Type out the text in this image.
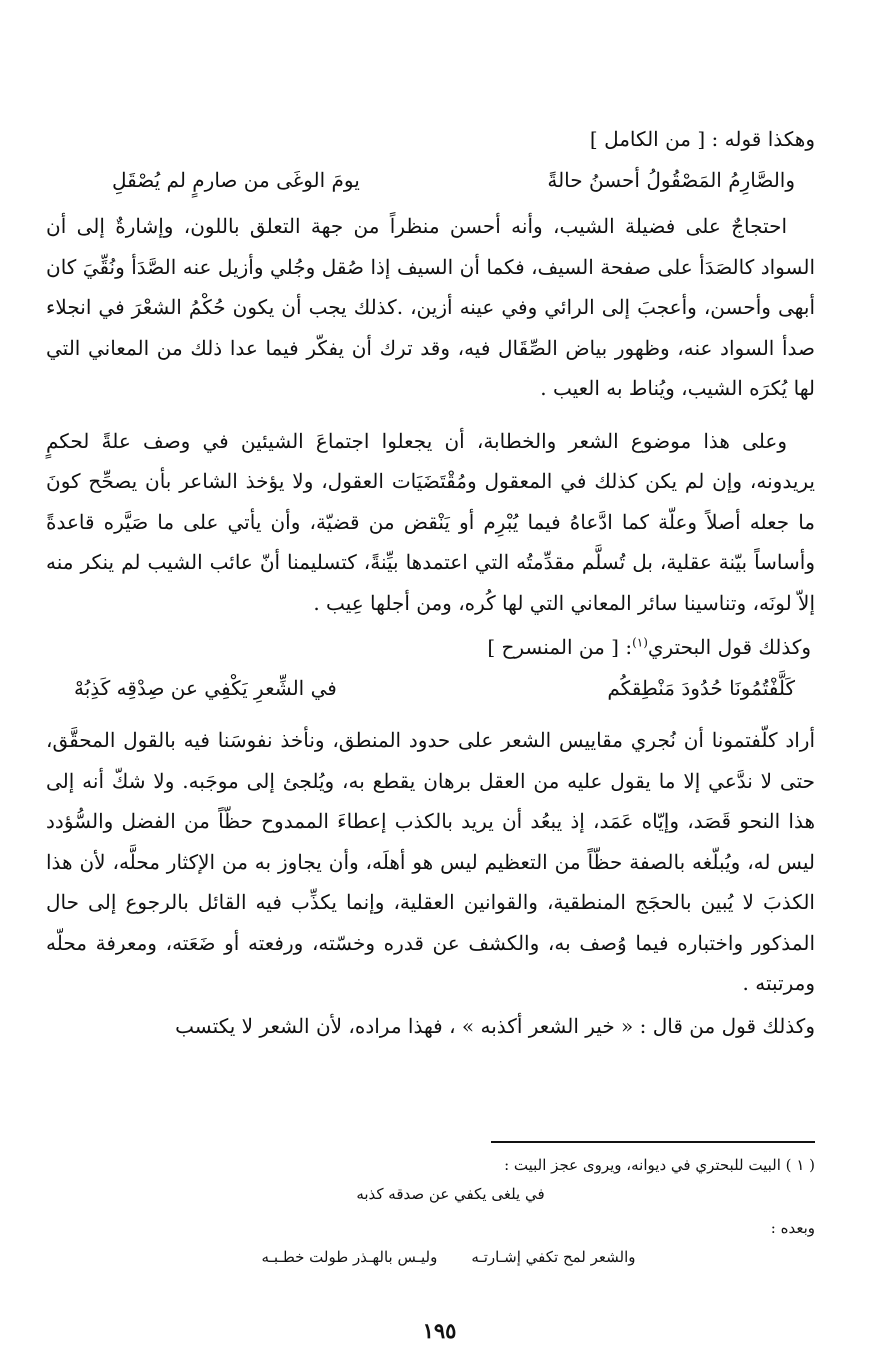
وهكذا قوله : [ من الكامل ]

والصَّارِمُ المَصْقُولُ أحسنُ حالةً
يومَ الوغَى من صارمٍ لم يُصْقَلِ

احتجاجٌ على فضيلة الشيب، وأنه أحسن منظراً من جهة التعلق باللون، وإشارةٌ إلى أن السواد كالصَدَأ على صفحة السيف، فكما أن السيف إذا صُقل وجُلي وأزيل عنه الصَّدَأ ونُقِّيَ كان أبهى وأحسن، وأعجبَ إلى الرائي وفي عينه أزين، .كذلك يجب أن يكون حُكْمُ الشعْرَ في انجلاء صدأ السواد عنه، وظهور بياض الصِّقَال فيه، وقد ترك أن يفكّر فيما عدا ذلك من المعاني التي لها يُكرَه الشيب، ويُناط به العيب .

وعلى هذا موضوع الشعر والخطابة، أن يجعلوا اجتماعَ الشيئين في وصف علةً لحكمٍ يريدونه، وإن لم يكن كذلك في المعقول ومُقْتَضَيَات العقول، ولا يؤخذ الشاعر بأن يصحِّح كونَ ما جعله أصلاً وعلّة كما ادَّعاهُ فيما يُبْرِم أو يَنْقض من قضيّة، وأن يأتي على ما صَيَّره قاعدةً وأساساً بيّنة عقلية، بل تُسلَّم مقدِّمتُه التي اعتمدها بيِّنةً، كتسليمنا أنّ عائب الشيب لم ينكر منه إلاّ لونَه، وتناسينا سائر المعاني التي لها كُره، ومن أجلها عِيب .

وكذلك قول البحتري$^{(١)}$: [ من المنسرح ]

كَلَّفْتُمُونَا حُدُودَ مَنْطِقكُم
في الشِّعرِ يَكْفِي عن صِدْقِه كَذِبُهْ

أراد كلّفتمونا أن نُجري مقاييس الشعر على حدود المنطق، ونأخذ نفوسَنا فيه بالقول المحقَّق، حتى لا ندَّعي إلا ما يقول عليه من العقل برهان يقطع به، ويُلجئ إلى موجَبه. ولا شكّ أنه إلى هذا النحو قَصَد، وإيّاه عَمَد، إذ يبعُد أن يريد بالكذب إعطاءَ الممدوح حظّاً من الفضل والسُّؤدد ليس له، ويُبلّغه بالصفة حظّاً من التعظيم ليس هو أهلَه، وأن يجاوز به من الإكثار محلَّه، لأن هذا الكذبَ لا يُبين بالحجَج المنطقية، والقوانين العقلية، وإنما يكذِّب فيه القائل بالرجوع إلى حال المذكور واختباره فيما وُصف به، والكشف عن قدره وخسّته، ورفعته أو ضَعَته، ومعرفة محلّه ومرتبته .

وكذلك قول من قال : « خير الشعر أكذبه » ، فهذا مراده، لأن الشعر لا يكتسب

( ١ ) البيت للبحتري في ديوانه، ويروى عجز البيت :

في يلغى يكفي عن صدقه كذبه

وبعده :

والشعر لمح تكفي إشـارتـه
وليـس بالهـذر طولت خطـبـه
١٩٥
